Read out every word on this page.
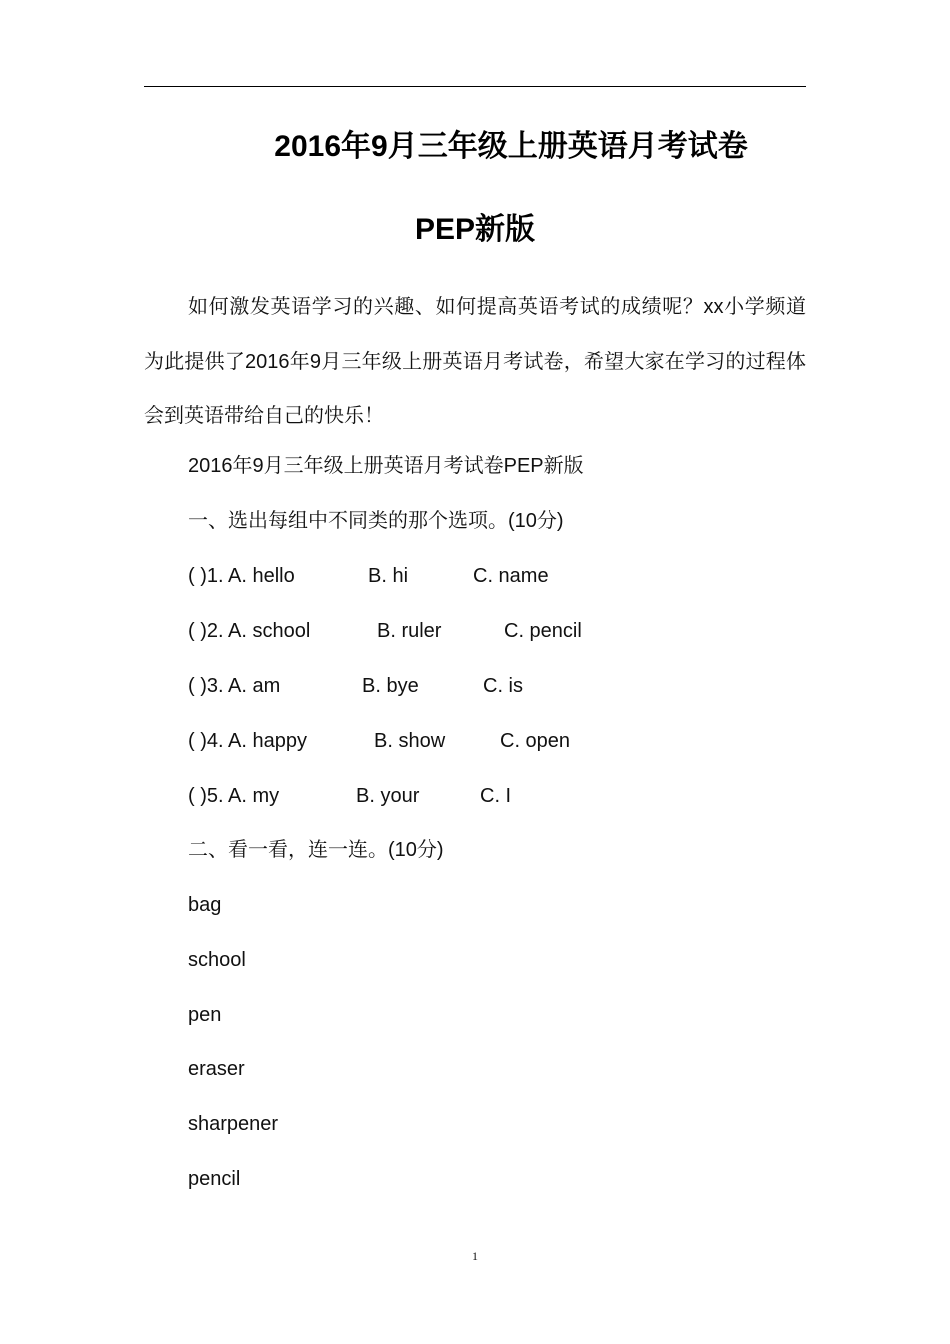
2016年9月三年级上册英语月考试卷
PEP新版

如何激发英语学习的兴趣、如何提高英语考试的成绩呢？xx小学频道为此提供了2016年9月三年级上册英语月考试卷，希望大家在学习的过程体会到英语带给自己的快乐！

2016年9月三年级上册英语月考试卷PEP新版

一、选出每组中不同类的那个选项。(10分)

( )1. A. hello	B. hi	C. name
( )2. A. school	B. ruler	C. pencil
( )3. A. am	B. bye	C. is
( )4. A. happy	B. show	C. open
( )5. A. my	B. your	C. I

二、看一看，连一连。(10分)

bag

school

pen

eraser

sharpener

pencil

1
